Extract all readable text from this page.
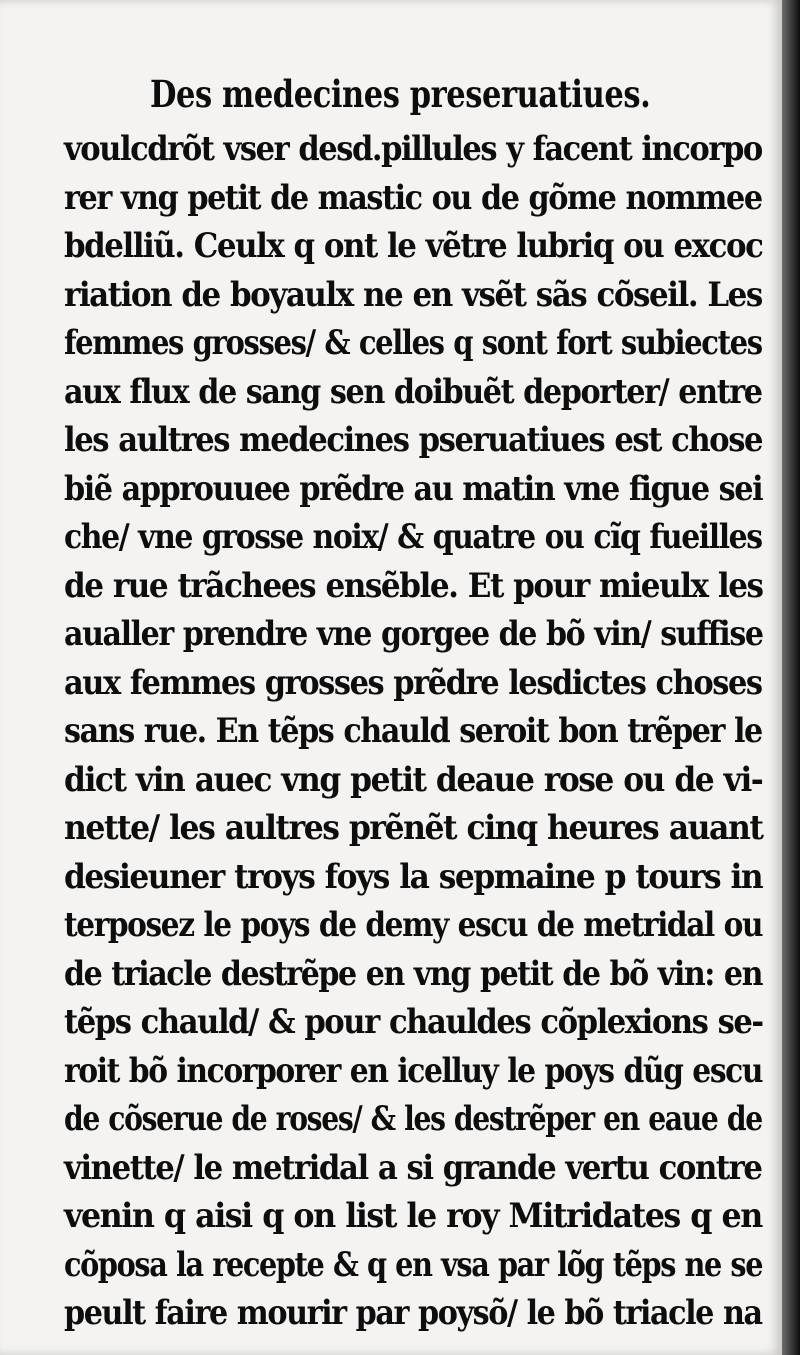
Des medecines preseruatiues.
voulcdrõt vser desd.pillules y facent incorpo
rer vng petit de mastic ou de gõme nommee
bdelliũ. Ceulx q ont le vẽtre lubriq ou excoc
riation de boyaulx ne en vsẽt sãs cõseil. Les
femmes grosses/ & celles q sont fort subiectes
aux flux de sang sen doibuẽt deporter/ entre
les aultres medecines pseruatiues est chose
biẽ approuuee prẽdre au matin vne figue sei
che/ vne grosse noix/ & quatre ou cĩq fueilles
de rue trãchees ensẽble. Et pour mieulx les
aualler prendre vne gorgee de bõ vin/ suffise
aux femmes grosses prẽdre lesdictes choses
sans rue. En tẽps chauld seroit bon trẽper le
dict vin auec vng petit deaue rose ou de vi-
nette/ les aultres prẽnẽt cinq heures auant
desieuner troys foys la sepmaine p tours in
terposez le poys de demy escu de metridal ou
de triacle destrẽpe en vng petit de bõ vin: en
tẽps chauld/ & pour chauldes cõplexions se-
roit bõ incorporer en icelluy le poys dũg escu
de cõserue de roses/ & les destrẽper en eaue de
vinette/ le metridal a si grande vertu contre
venin q aisi q on list le roy Mitridates q en
cõposa la recepte & q en vsa par lõg tẽps ne se
peult faire mourir par poysõ/ le bõ triacle na
